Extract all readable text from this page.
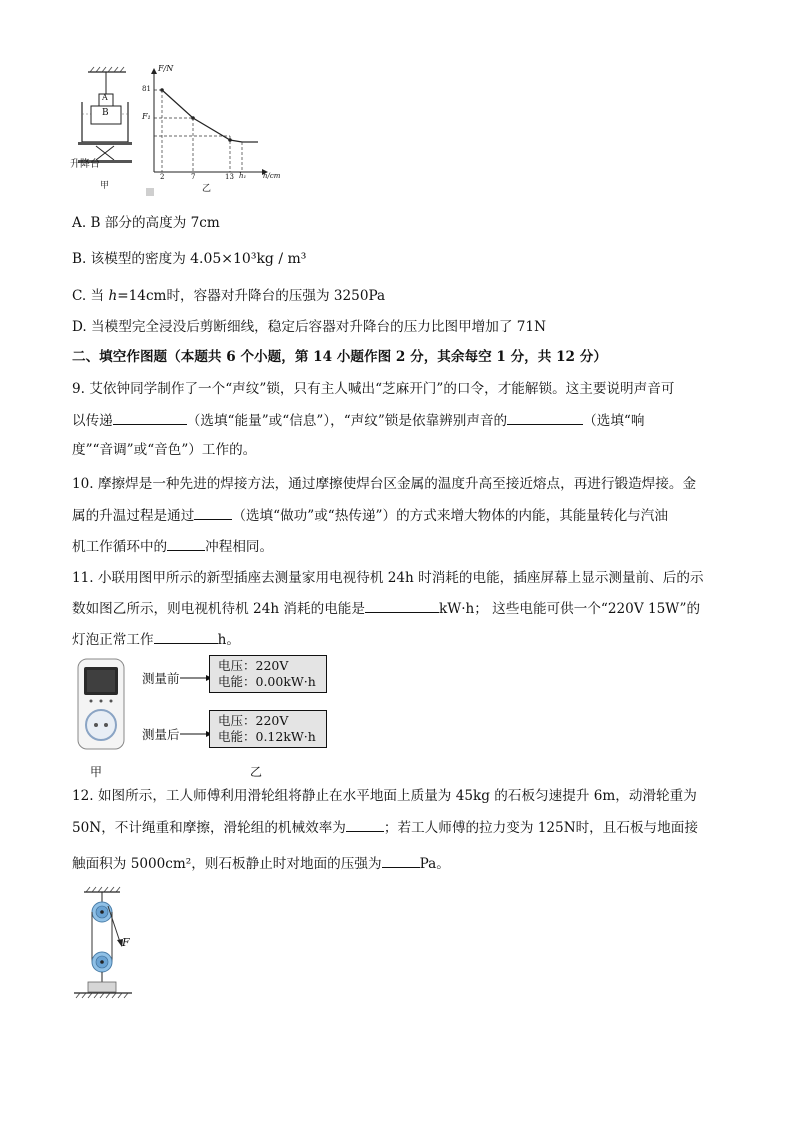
A
B
升降台
甲	乙
F/N
h/cm
81
F₁
2	7	13 h₁
A. B 部分的高度为 7cm
B. 该模型的密度为 4.05×10³kg / m³
C. 当 h=14cm时，容器对升降台的压强为 3250Pa
D. 当模型完全浸没后剪断细线，稳定后容器对升降台的压力比图甲增加了 71N
二、填空作图题（本题共 6 个小题，第 14 小题作图 2 分，其余每空 1 分，共 12 分）
9. 艾依钟同学制作了一个“声纹”锁，只有主人喊出“芝麻开门”的口令，才能解锁。这主要说明声音可
以传递	（选填“能量”或“信息”），“声纹”锁是依靠辨别声音的	（选填“响
度”“音调”或“音色”）工作的。
10. 摩擦焊是一种先进的焊接方法，通过摩擦使焊台区金属的温度升高至接近熔点，再进行锻造焊接。金
属的升温过程是通过	（选填“做功”或“热传递”）的方式来增大物体的内能，其能量转化与汽油
机工作循环中的	冲程相同。
11. 小联用图甲所示的新型插座去测量家用电视待机 24h 时消耗的电能，插座屏幕上显示测量前、后的示
数如图乙所示，则电视机待机 24h 消耗的电能是	kW·h； 这些电能可供一个“220V 15W”的
灯泡正常工作	h。
甲
测量前
电压：220V
电能：0.00kW·h
测量后
电压：220V
电能：0.12kW·h
乙
12. 如图所示，工人师傅利用滑轮组将静止在水平地面上质量为 45kg 的石板匀速提升 6m，动滑轮重为
50N，不计绳重和摩擦，滑轮组的机械效率为	；若工人师傅的拉力变为 125N时，且石板与地面接
触面积为 5000cm²，则石板静止时对地面的压强为	Pa。
F
